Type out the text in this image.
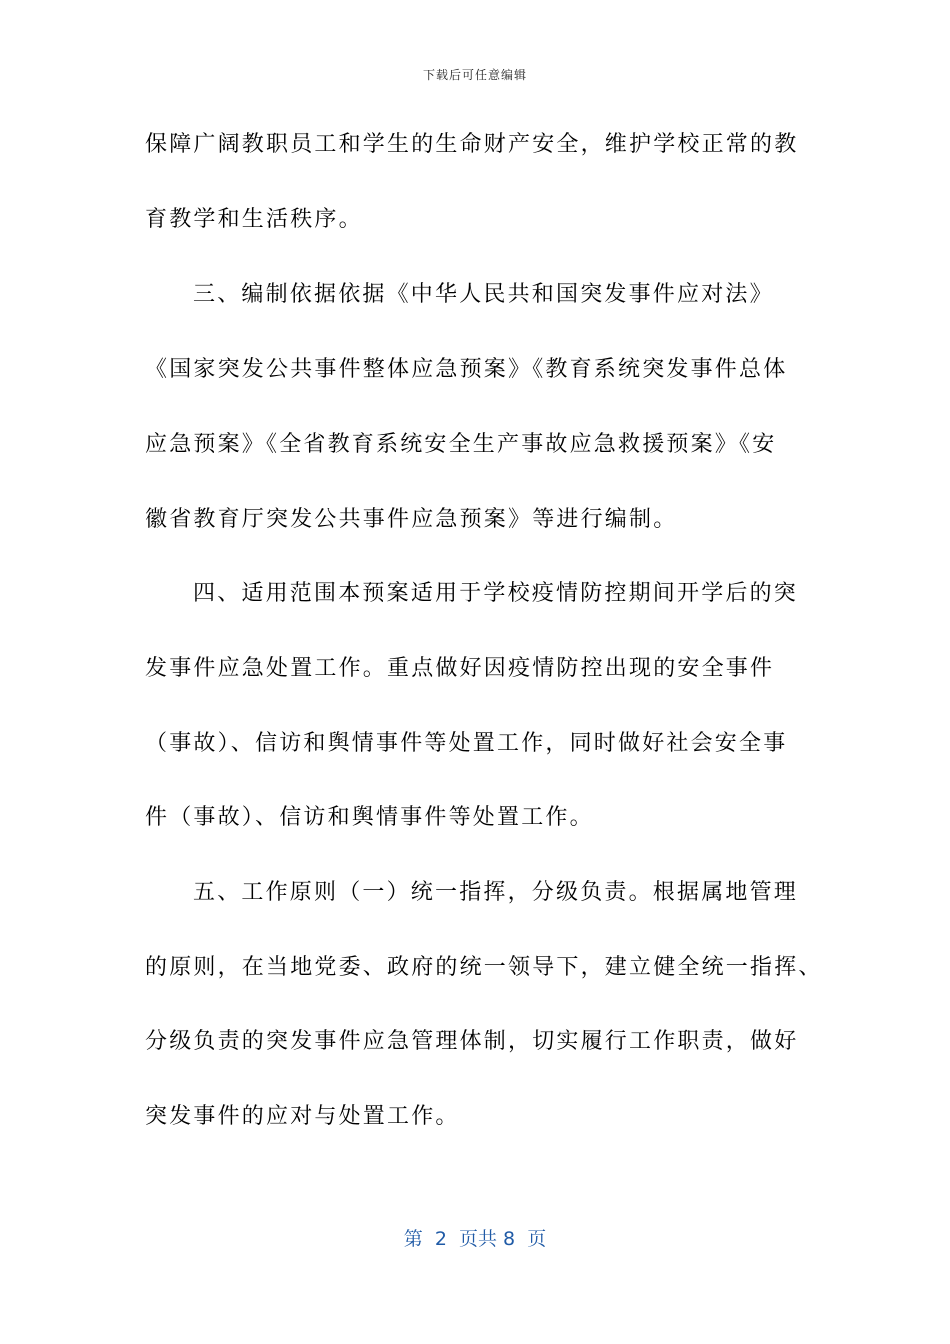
下载后可任意编辑
保障广阔教职员工和学生的生命财产安全，维护学校正常的教
育教学和生活秩序。
三、编制依据依据《中华人民共和国突发事件应对法》
《国家突发公共事件整体应急预案》《教育系统突发事件总体
应急预案》《全省教育系统安全生产事故应急救援预案》《安
徽省教育厅突发公共事件应急预案》等进行编制。
四、适用范围本预案适用于学校疫情防控期间开学后的突
发事件应急处置工作。重点做好因疫情防控出现的安全事件
（事故）、信访和舆情事件等处置工作，同时做好社会安全事
件（事故）、信访和舆情事件等处置工作。
五、工作原则（一）统一指挥，分级负责。根据属地管理
的原则，在当地党委、政府的统一领导下，建立健全统一指挥、
分级负责的突发事件应急管理体制，切实履行工作职责，做好
突发事件的应对与处置工作。
第  2  页共 8  页
